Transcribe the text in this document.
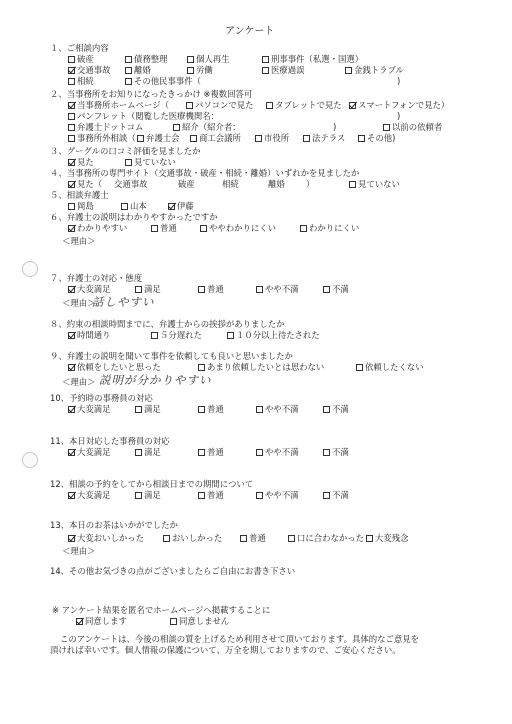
アンケート
１、ご相談内容
破産	債務整理	個人再生	刑事事件（私選・国選）
交通事故	離婚	労働	医療過誤	金銭トラブル
相続	その他民事事件（	)
２、当事務所をお知りになったきっかけ ※複数回答可
当事務所ホームページ（	パソコンで見た	タブレットで見た スマートフォンで見た）
パンフレット（閲覧した医療機関名：	)
弁護士ドットコム	紹介（紹介者：	)	以前の依頼者
事務所外相談（ 弁護士会 商工会議所	市役所	法テラス	その他)
３、グーグルの口コミ評価を見ましたか
見た	見ていない
４、当事務所の専門サイト（交通事故・破産・相続・離婚）いずれかを見ましたか
見た（ 交通事故	破産	相続	離婚	）	見ていない
５、相談弁護士
岡島	山本	伊藤
６、弁護士の説明はわかりやすかったですか
わかりやすい	普通	ややわかりにくい	わかりにくい
＜理由＞
７、弁護士の対応・態度
大変満足	満足	普通	やや不満	不満
＜理由＞
話しやすい
８、約束の相談時間までに、弁護士からの挨拶がありましたか
時間通り	５分遅れた	１０分以上待たされた
９、弁護士の説明を聞いて事件を依頼しても良いと思いましたか
依頼をしたいと思った	あまり依頼したいとは思わない	依頼したくない
＜理由＞ 説明が分かりやすい
10、予約時の事務員の対応
大変満足	満足	普通	やや不満	不満
11、本日対応した事務員の対応
大変満足	満足	普通	やや不満	不満
12、相談の予約をしてから相談日までの期間について
大変満足	満足	普通	やや不満	不満
13、本日のお茶はいかがでしたか
大変おいしかった	おいしかった	普通	口に合わなかった 大変残念
＜理由＞
14、その他お気づきの点がございましたらご自由にお書き下さい
※ アンケート結果を匿名でホームページへ掲載することに
同意します	同意しません
このアンケートは、今後の相談の質を上げるため利用させて頂いております。具体的なご意見を
頂ければ幸いです。個人情報の保護について、万全を期しておりますので、ご安心ください。
